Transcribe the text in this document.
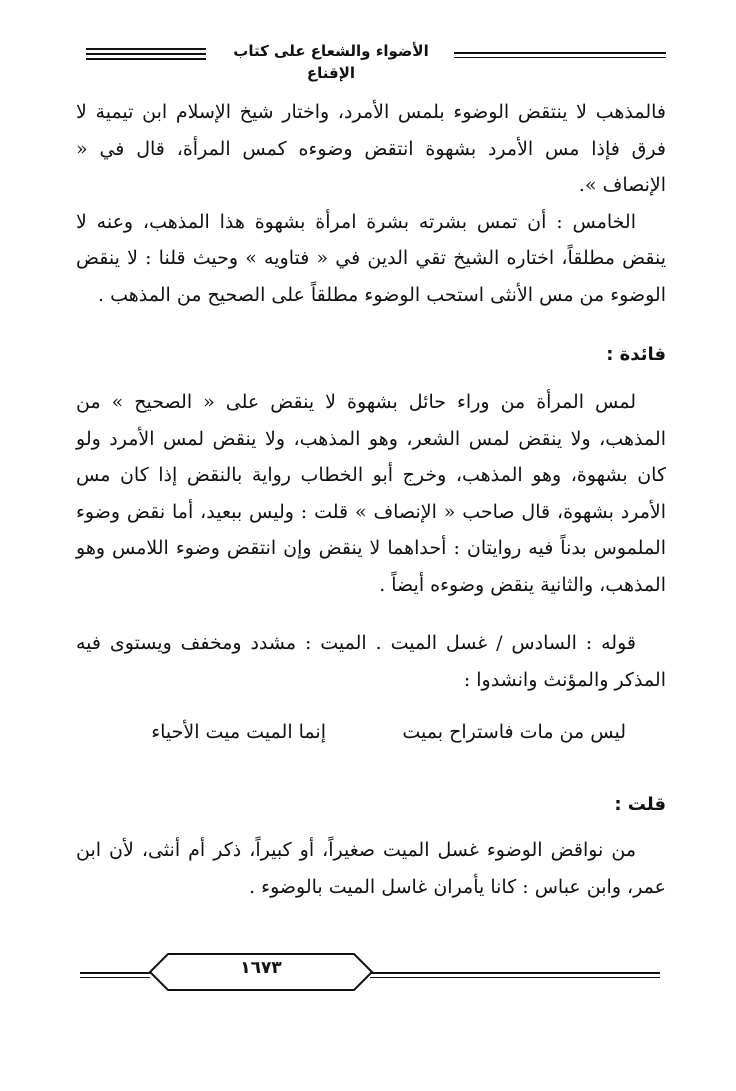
الأضواء والشعاع على كتاب الإقناع
فالمذهب لا ينتقض الوضوء بلمس الأمرد، واختار شيخ الإسلام ابن تيمية لا فرق فإذا مس الأمرد بشهوة انتقض وضوءه كمس المرأة، قال في « الإنصاف ».
الخامس : أن تمس بشرته بشرة امرأة بشهوة هذا المذهب، وعنه لا ينقض مطلقاً، اختاره الشيخ تقي الدين في « فتاويه » وحيث قلنا : لا ينقض الوضوء من مس الأنثى استحب الوضوء مطلقاً على الصحيح من المذهب .
فائدة :
لمس المرأة من وراء حائل بشهوة لا ينقض على « الصحيح » من المذهب، ولا ينقض لمس الشعر، وهو المذهب، ولا ينقض لمس الأمرد ولو كان بشهوة، وهو المذهب، وخرج أبو الخطاب رواية بالنقض إذا كان مس الأمرد بشهوة، قال صاحب « الإنصاف » قلت : وليس ببعيد، أما نقض وضوء الملموس بدناً فيه روايتان : أحداهما لا ينقض وإن انتقض وضوء اللامس وهو المذهب، والثانية ينقض وضوءه أيضاً .
قوله : السادس / غسل الميت . الميت : مشدد ومخفف ويستوى فيه المذكر والمؤنث وانشدوا :
ليس من مات فاستراح بميت
إنما الميت ميت الأحياء
قلت :
من نواقض الوضوء غسل الميت صغيراً، أو كبيراً، ذكر أم أنثى، لأن ابن عمر، وابن عباس : كانا يأمران غاسل الميت بالوضوء .
١٦٧٣
